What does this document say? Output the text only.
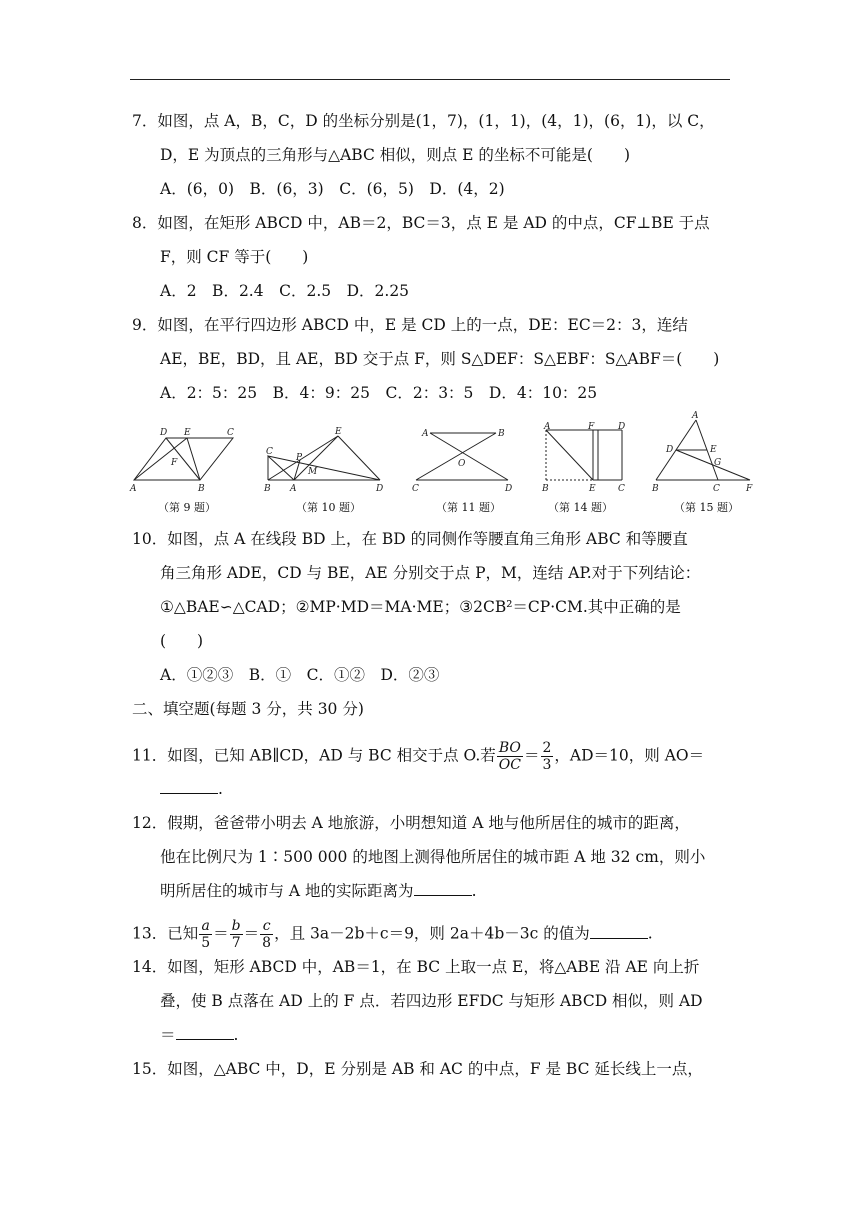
7．如图，点 A，B，C，D 的坐标分别是(1，7)，(1，1)，(4，1)，(6，1)，以 C，
D，E 为顶点的三角形与△ABC 相似，则点 E 的坐标不可能是(　　)
A．(6，0)　B．(6，3)　C．(6，5)　D．(4，2)
8．如图，在矩形 ABCD 中，AB＝2，BC＝3，点 E 是 AD 的中点，CF⊥BE 于点
F，则 CF 等于(　　)
A．2　B．2.4　C．2.5　D．2.25
9．如图，在平行四边形 ABCD 中，E 是 CD 上的一点，DE：EC＝2：3，连结
AE，BE，BD，且 AE，BD 交于点 F，则 S△DEF：S△EBF：S△ABF＝(　　)
A．2：5：25　B．4：9：25　C．2：3：5　D．4：10：25
D E	C
F
A	B
（第 9 题）
E
C
P
M
B A	D
（第 10 题）
A	B
O
C	D
（第 11 题）
A	F	D
B	E C
（第 14 题）
A
D	E
G
B	C	F
（第 15 题）
10．如图，点 A 在线段 BD 上，在 BD 的同侧作等腰直角三角形 ABC 和等腰直
角三角形 ADE，CD 与 BE，AE 分别交于点 P，M，连结 AP.对于下列结论：
①△BAE∽△CAD；②MP·MD＝MA·ME；③2CB²＝CP·CM.其中正确的是
(　　)
A．①②③　B．①　C．①②　D．②③
二、填空题(每题 3 分，共 30 分)
11．如图，已知 AB∥CD，AD 与 BC 相交于点 O.若 $\frac{BO}{OC} = \frac{2}{3}$ ，AD＝10，则 AO＝
.
12．假期，爸爸带小明去 A 地旅游，小明想知道 A 地与他所居住的城市的距离，
他在比例尺为 1∶500 000 的地图上测得他所居住的城市距 A 地 32 cm，则小
明所居住的城市与 A 地的实际距离为	.
13．已知 $\frac{a}{5} = \frac{b}{7} = \frac{c}{8}$ ，且 3a－2b＋c＝9，则 2a＋4b－3c 的值为	.
14．如图，矩形 ABCD 中，AB＝1，在 BC 上取一点 E，将△ABE 沿 AE 向上折
叠，使 B 点落在 AD 上的 F 点．若四边形 EFDC 与矩形 ABCD 相似，则 AD
＝	.
15．如图，△ABC 中，D，E 分别是 AB 和 AC 的中点，F 是 BC 延长线上一点，
